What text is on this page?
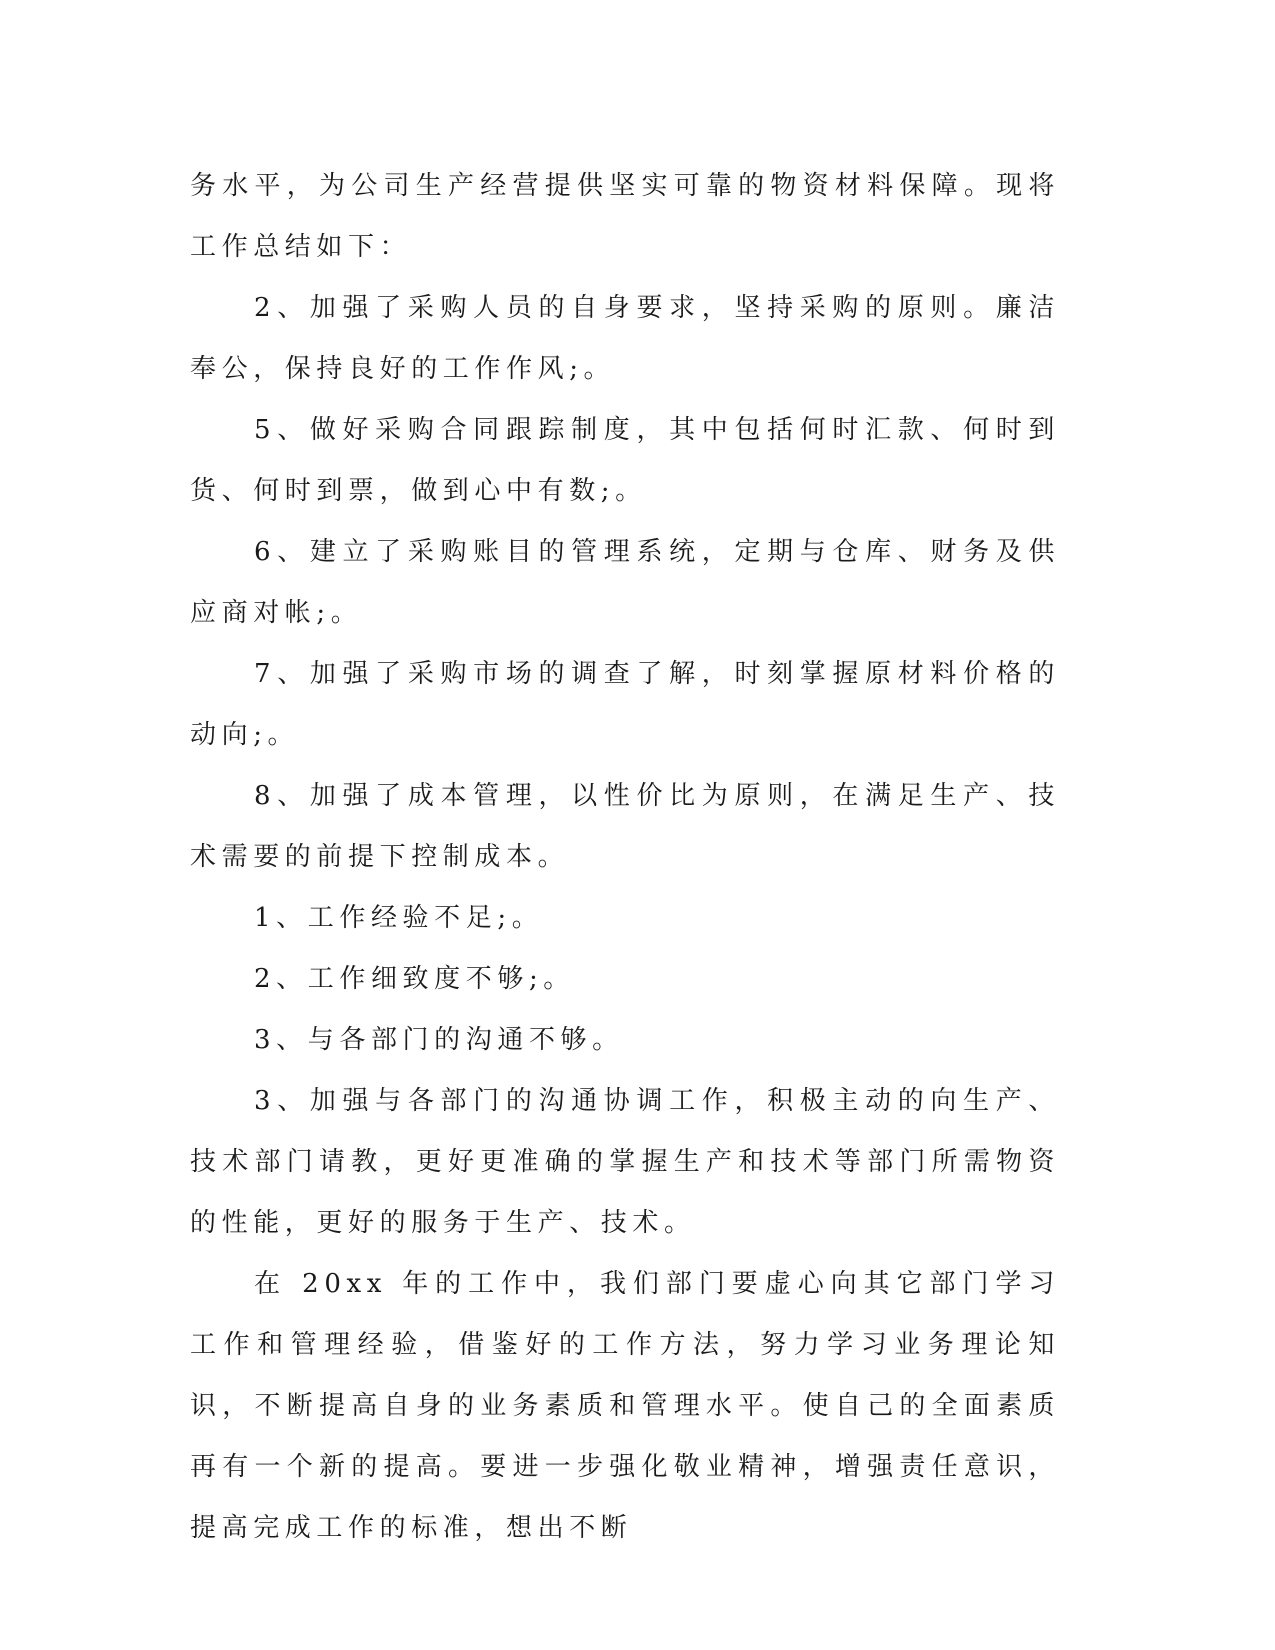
务水平，为公司生产经营提供坚实可靠的物资材料保障。现将工作总结如下：

2、加强了采购人员的自身要求，坚持采购的原则。廉洁奉公，保持良好的工作作风;。

5、做好采购合同跟踪制度，其中包括何时汇款、何时到货、何时到票，做到心中有数;。

6、建立了采购账目的管理系统，定期与仓库、财务及供应商对帐;。

7、加强了采购市场的调查了解，时刻掌握原材料价格的动向;。

8、加强了成本管理，以性价比为原则，在满足生产、技术需要的前提下控制成本。

1、工作经验不足;。

2、工作细致度不够;。

3、与各部门的沟通不够。

3、加强与各部门的沟通协调工作，积极主动的向生产、技术部门请教，更好更准确的掌握生产和技术等部门所需物资的性能，更好的服务于生产、技术。

在 20xx 年的工作中，我们部门要虚心向其它部门学习工作和管理经验，借鉴好的工作方法，努力学习业务理论知识，不断提高自身的业务素质和管理水平。使自己的全面素质再有一个新的提高。要进一步强化敬业精神，增强责任意识，提高完成工作的标准，想出不断
